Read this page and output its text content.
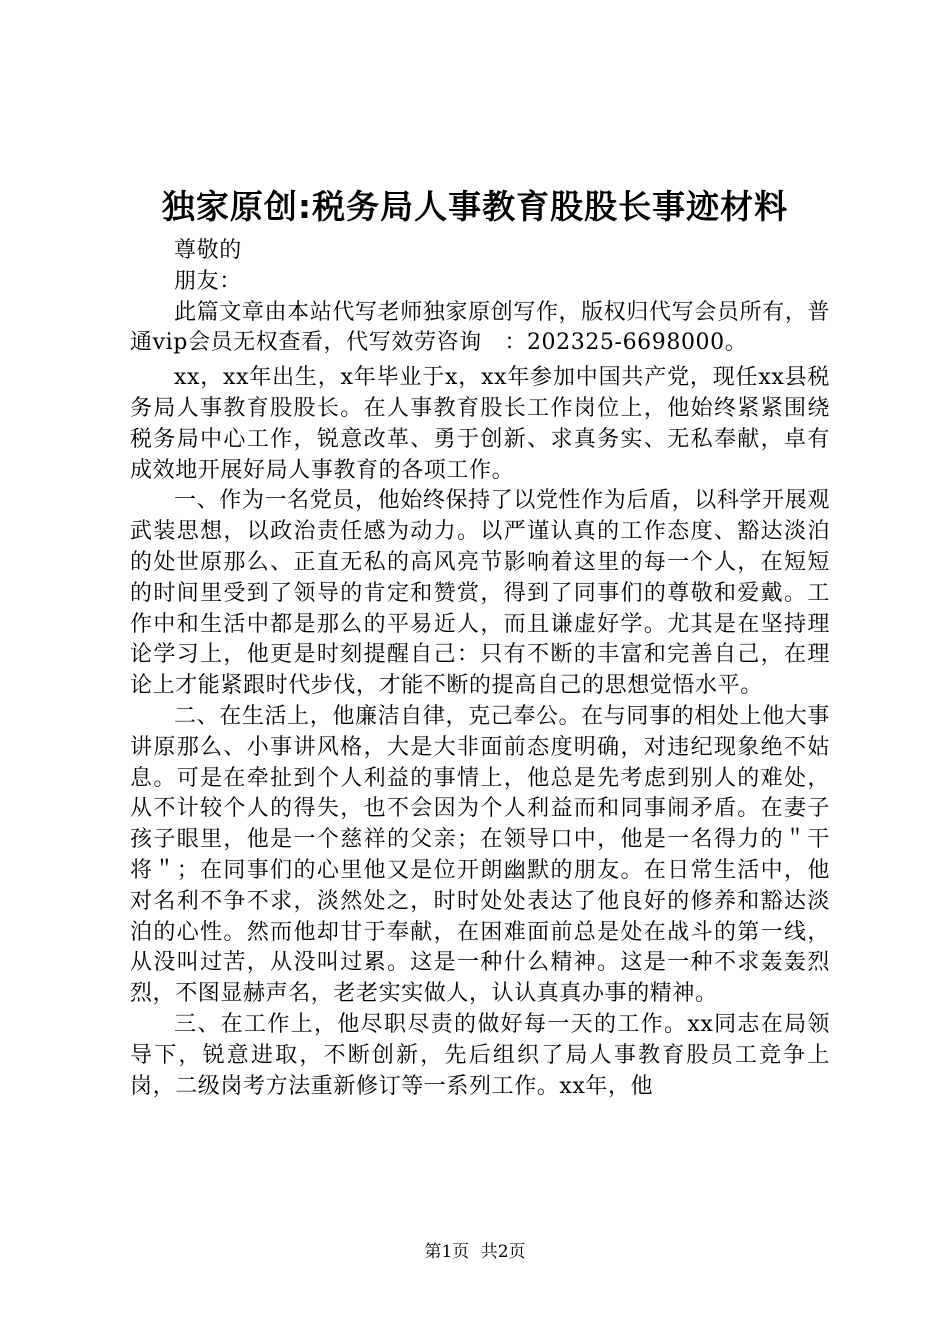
独家原创:税务局人事教育股股长事迹材料

尊敬的

朋友：

此篇文章由本站代写老师独家原创写作，版权归代写会员所有，普通vip会员无权查看，代写效劳咨询　：202325-6698000。

xx，xx年出生，x年毕业于x，xx年参加中国共产党，现任xx县税务局人事教育股股长。在人事教育股长工作岗位上，他始终紧紧围绕税务局中心工作，锐意改革、勇于创新、求真务实、无私奉献，卓有成效地开展好局人事教育的各项工作。

一、作为一名党员，他始终保持了以党性作为后盾，以科学开展观武装思想，以政治责任感为动力。以严谨认真的工作态度、豁达淡泊的处世原那么、正直无私的高风亮节影响着这里的每一个人，在短短的时间里受到了领导的肯定和赞赏，得到了同事们的尊敬和爱戴。工作中和生活中都是那么的平易近人，而且谦虚好学。尤其是在坚持理论学习上，他更是时刻提醒自己：只有不断的丰富和完善自己，在理论上才能紧跟时代步伐，才能不断的提高自己的思想觉悟水平。

二、在生活上，他廉洁自律，克己奉公。在与同事的相处上他大事讲原那么、小事讲风格，大是大非面前态度明确，对违纪现象绝不姑息。可是在牵扯到个人利益的事情上，他总是先考虑到别人的难处，从不计较个人的得失，也不会因为个人利益而和同事闹矛盾。在妻子孩子眼里，他是一个慈祥的父亲；在领导口中，他是一名得力的＂干将＂；在同事们的心里他又是位开朗幽默的朋友。在日常生活中，他对名利不争不求，淡然处之，时时处处表达了他良好的修养和豁达淡泊的心性。然而他却甘于奉献，在困难面前总是处在战斗的第一线，从没叫过苦，从没叫过累。这是一种什么精神。这是一种不求轰轰烈烈，不图显赫声名，老老实实做人，认认真真办事的精神。

三、在工作上，他尽职尽责的做好每一天的工作。xx同志在局领导下，锐意进取，不断创新，先后组织了局人事教育股员工竞争上岗，二级岗考方法重新修订等一系列工作。xx年，他

第1页 共2页
